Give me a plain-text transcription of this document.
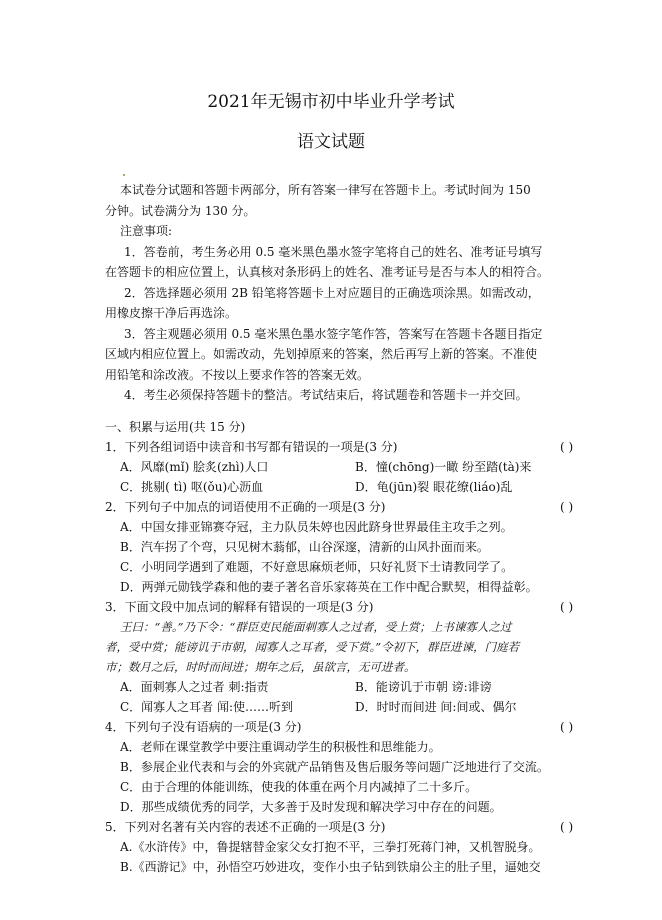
2021年无锡市初中毕业升学考试
语文试题
本试卷分试题和答题卡两部分，所有答案一律写在答题卡上。考试时间为 150
分钟。试卷满分为 130 分。
注意事项:
1．答卷前，考生务必用 0.5 毫米黑色墨水签字笔将自己的姓名、准考证号填写
在答题卡的相应位置上，认真核对条形码上的姓名、准考证号是否与本人的相符合。
2．答选择题必须用 2B 铅笔将答题卡上对应题目的正确选项涂黑。如需改动，
用橡皮擦干净后再选涂。
3．答主观题必须用 0.5 毫米黑色墨水签字笔作答，答案写在答题卡各题目指定
区域内相应位置上。如需改动，先划掉原来的答案，然后再写上新的答案。不准使
用铅笔和涂改液。不按以上要求作答的答案无效。
4．考生必须保持答题卡的整洁。考试结束后，将试题卷和答题卡一并交回。
一、积累与运用(共 15 分)
1．下列各组词语中读音和书写都有错误的一项是(3 分)	( )
A．风靡(mǐ) 脍炙(zhì)人口	B．憧(chōng)一瞰 纷至踏(tà)来
C．挑剔( tì) 呕(ǒu)心沥血	D．龟(jūn)裂 眼花缭(liáo)乱
2．下列句子中加点的词语使用不正确的一项是(3 分)	( )
A．中国女排亚锦赛夺冠，主力队员朱婷也因此跻身世界最佳主攻手之列。
B．汽车拐了个弯，只见树木蓊郁，山谷深邃，清新的山风扑面而来。
C．小明同学遇到了难题，不好意思麻烦老师，只好礼贤下士请教同学了。
D．两弹元勋钱学森和他的妻子著名音乐家蒋英在工作中配合默契，相得益彰。
3．下面文段中加点词的解释有错误的一项是(3 分)	( )
王曰：“善。”乃下令：“群臣吏民能面刺寡人之过者，受上赏；上书谏寡人之过
者，受中赏；能谤讥于市朝，闻寡人之耳者，受下赏。”令初下，群臣进谏，门庭若
市；数月之后，时时而间进；期年之后，虽欲言，无可进者。
A．面刺寡人之过者 刺:指责	B．能谤讥于市朝 谤:诽谤
C．闻寡人之耳者 闻:使……听到	D．时时而间进 间:间或、偶尔
4．下列句子没有语病的一项是(3 分)	( )
A．老师在课堂教学中要注重调动学生的积极性和思维能力。
B．参展企业代表和与会的外宾就产品销售及售后服务等问题广泛地进行了交流。
C．由于合理的体能训练，使我的体重在两个月内减掉了二十多斤。
D．那些成绩优秀的同学，大多善于及时发现和解决学习中存在的问题。
5．下列对名著有关内容的表述不正确的一项是(3 分)	( )
A.《水浒传》中，鲁提辖替金家父女打抱不平，三拳打死蒋门神，又机智脱身。
B.《西游记》中，孙悟空巧妙进攻，变作小虫子钻到铁扇公主的肚子里，逼她交
